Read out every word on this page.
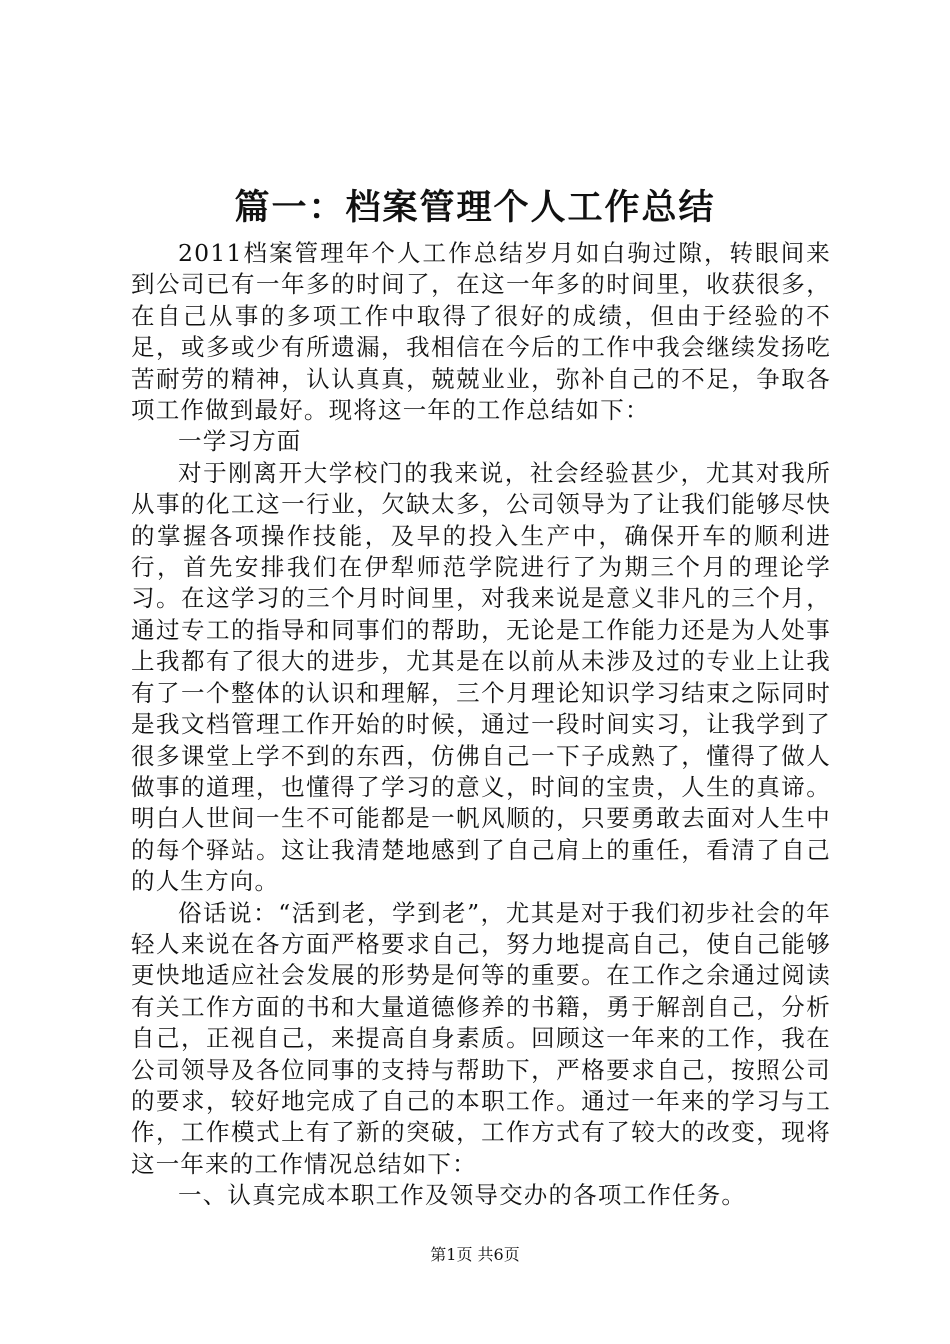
篇一：档案管理个人工作总结

2011档案管理年个人工作总结岁月如白驹过隙，转眼间来到公司已有一年多的时间了，在这一年多的时间里，收获很多，在自己从事的多项工作中取得了很好的成绩，但由于经验的不足，或多或少有所遗漏，我相信在今后的工作中我会继续发扬吃苦耐劳的精神，认认真真，兢兢业业，弥补自己的不足，争取各项工作做到最好。现将这一年的工作总结如下：

一学习方面

对于刚离开大学校门的我来说，社会经验甚少，尤其对我所从事的化工这一行业，欠缺太多，公司领导为了让我们能够尽快的掌握各项操作技能，及早的投入生产中，确保开车的顺利进行，首先安排我们在伊犁师范学院进行了为期三个月的理论学习。在这学习的三个月时间里，对我来说是意义非凡的三个月，通过专工的指导和同事们的帮助，无论是工作能力还是为人处事上我都有了很大的进步，尤其是在以前从未涉及过的专业上让我有了一个整体的认识和理解，三个月理论知识学习结束之际同时是我文档管理工作开始的时候，通过一段时间实习，让我学到了很多课堂上学不到的东西，仿佛自己一下子成熟了，懂得了做人做事的道理，也懂得了学习的意义，时间的宝贵，人生的真谛。明白人世间一生不可能都是一帆风顺的，只要勇敢去面对人生中的每个驿站。这让我清楚地感到了自己肩上的重任，看清了自己的人生方向。

俗话说：“活到老，学到老”，尤其是对于我们初步社会的年轻人来说在各方面严格要求自己，努力地提高自己，使自己能够更快地适应社会发展的形势是何等的重要。在工作之余通过阅读有关工作方面的书和大量道德修养的书籍，勇于解剖自己，分析自己，正视自己，来提高自身素质。回顾这一年来的工作，我在公司领导及各位同事的支持与帮助下，严格要求自己，按照公司的要求，较好地完成了自己的本职工作。通过一年来的学习与工作，工作模式上有了新的突破，工作方式有了较大的改变，现将这一年来的工作情况总结如下：

一、认真完成本职工作及领导交办的各项工作任务。

第1页 共6页
